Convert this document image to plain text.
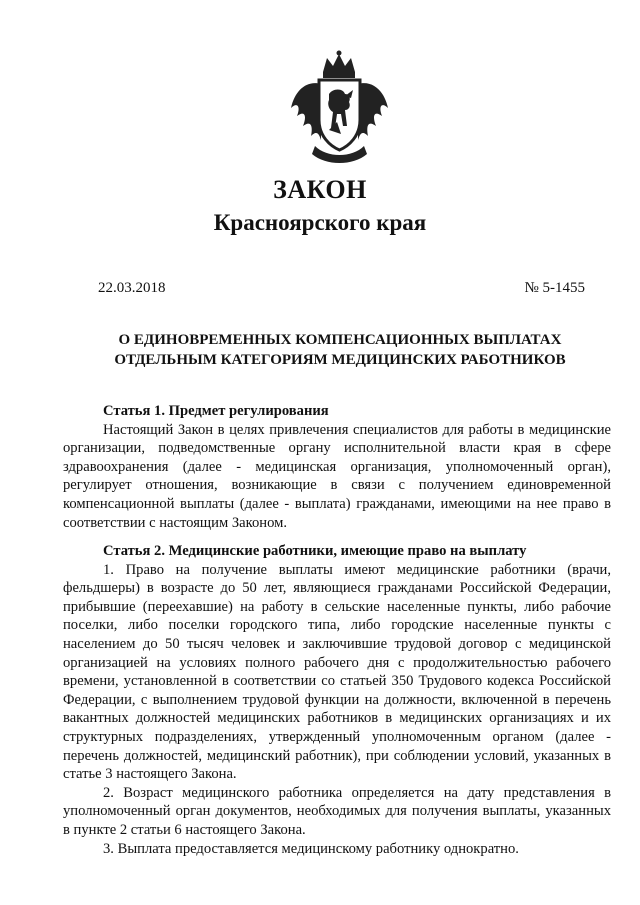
ЗАКОН
Красноярского края
22.03.2018	№ 5-1455
О ЕДИНОВРЕМЕННЫХ КОМПЕНСАЦИОННЫХ ВЫПЛАТАХ
ОТДЕЛЬНЫМ КАТЕГОРИЯМ МЕДИЦИНСКИХ РАБОТНИКОВ

Статья 1. Предмет регулирования

Настоящий Закон в целях привлечения специалистов для работы в медицинские организации, подведомственные органу исполнительной власти края в сфере здравоохранения (далее - медицинская организация, уполномоченный орган), регулирует отношения, возникающие в связи с получением единовременной компенсационной выплаты (далее - выплата) гражданами, имеющими на нее право в соответствии с настоящим Законом.

Статья 2. Медицинские работники, имеющие право на выплату

1. Право на получение выплаты имеют медицинские работники (врачи, фельдшеры) в возрасте до 50 лет, являющиеся гражданами Российской Федерации, прибывшие (переехавшие) на работу в сельские населенные пункты, либо рабочие поселки, либо поселки городского типа, либо городские населенные пункты с населением до 50 тысяч человек и заключившие трудовой договор с медицинской организацией на условиях полного рабочего дня с продолжительностью рабочего времени, установленной в соответствии со статьей 350 Трудового кодекса Российской Федерации, с выполнением трудовой функции на должности, включенной в перечень вакантных должностей медицинских работников в медицинских организациях и их структурных подразделениях, утвержденный уполномоченным органом (далее - перечень должностей, медицинский работник), при соблюдении условий, указанных в статье 3 настоящего Закона.

2. Возраст медицинского работника определяется на дату представления в уполномоченный орган документов, необходимых для получения выплаты, указанных в пункте 2 статьи 6 настоящего Закона.

3. Выплата предоставляется медицинскому работнику однократно.
